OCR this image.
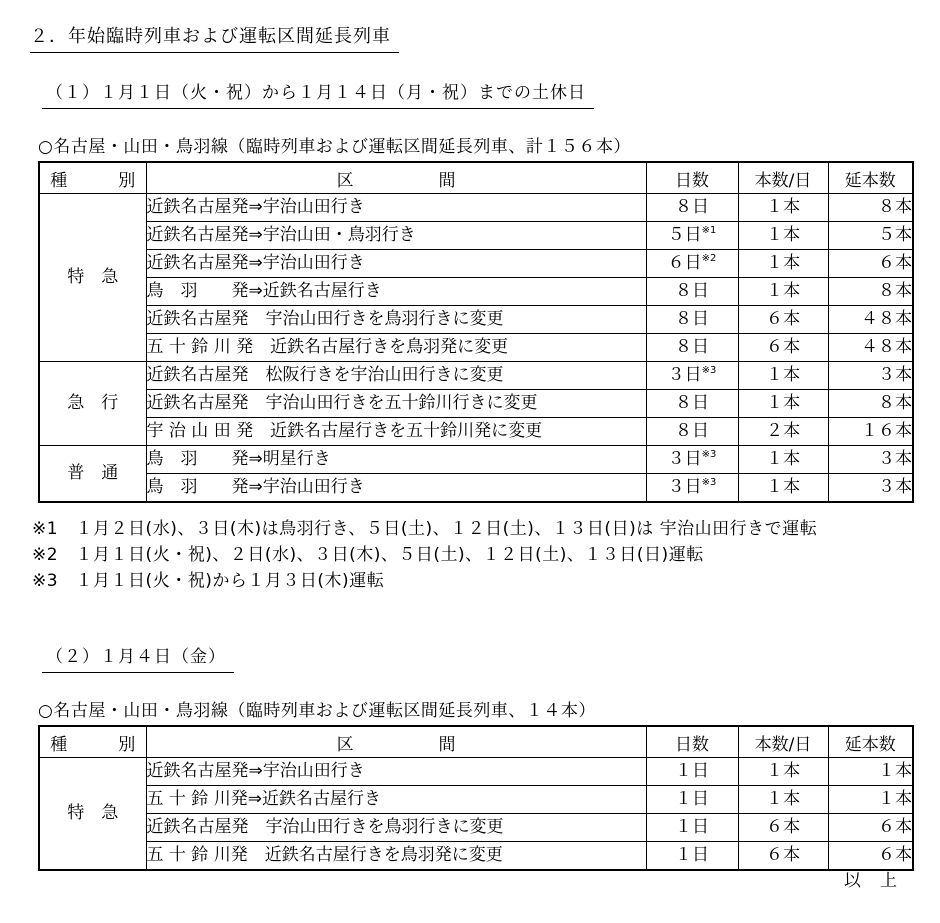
２．年始臨時列車および運転区間延長列車
（１）１月１日（火・祝）から１月１４日（月・祝）までの土休日
○名古屋・山田・鳥羽線（臨時列車および運転区間延長列車、計１５６本）
種　　　別	区　　　　　間	日数	本数/日	延本数
特　急	近鉄名古屋発⇒宇治山田行き	８日	１本	８本
	近鉄名古屋発⇒宇治山田・鳥羽行き	５日$^{※1}$	１本	５本
	近鉄名古屋発⇒宇治山田行き	６日$^{※2}$	１本	６本
	鳥　羽　　発⇒近鉄名古屋行き	８日	１本	８本
	近鉄名古屋発　宇治山田行きを鳥羽行きに変更	８日	６本	４８本
	五 十 鈴 川 発　近鉄名古屋行きを鳥羽発に変更	８日	６本	４８本
急　行	近鉄名古屋発　松阪行きを宇治山田行きに変更	３日$^{※3}$	１本	３本
	近鉄名古屋発　宇治山田行きを五十鈴川行きに変更	８日	１本	８本
	宇 治 山 田 発　近鉄名古屋行きを五十鈴川発に変更	８日	２本	１６本
普　通	鳥　羽　　発⇒明星行き	３日$^{※3}$	１本	３本
	鳥　羽　　発⇒宇治山田行き	３日$^{※3}$	１本	３本
※1　１月２日(水)、３日(木)は鳥羽行き、５日(土)、１２日(土)、１３日(日)は 宇治山田行きで運転
※2　１月１日(火・祝)、２日(水)、３日(木)、５日(土)、１２日(土)、１３日(日)運転
※3　１月１日(火・祝)から１月３日(木)運転

（２）１月４日（金）
○名古屋・山田・鳥羽線（臨時列車および運転区間延長列車、１４本）
種　　　別	区　　　　　間	日数	本数/日	延本数
特　急	近鉄名古屋発⇒宇治山田行き	１日	１本	１本
	五 十 鈴 川発⇒近鉄名古屋行き	１日	１本	１本
	近鉄名古屋発　宇治山田行きを鳥羽行きに変更	１日	６本	６本
	五 十 鈴 川発　近鉄名古屋行きを鳥羽発に変更	１日	６本	６本
以　上
